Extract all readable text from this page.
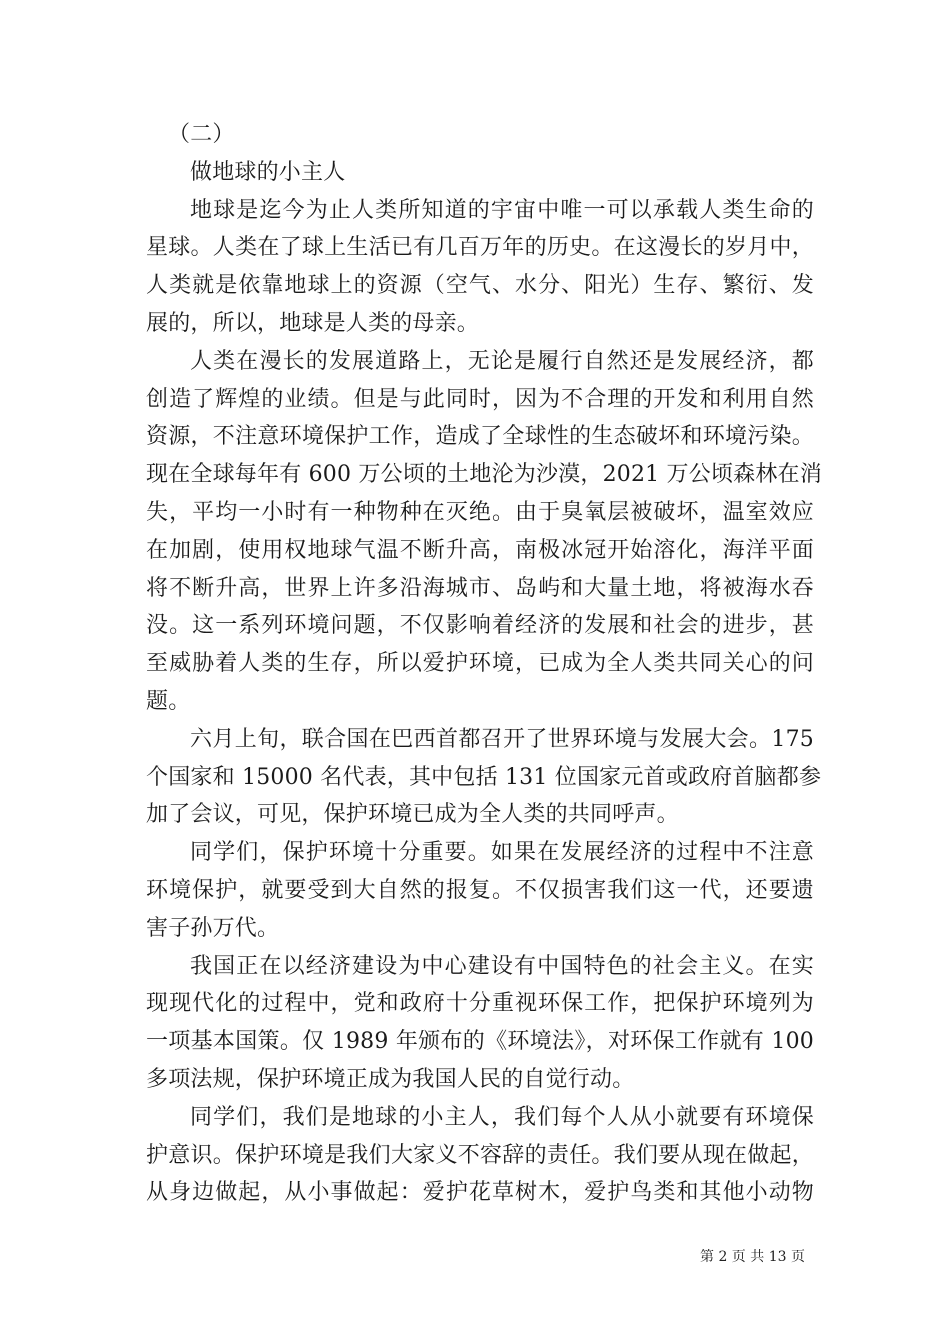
（二）
做地球的小主人
地球是迄今为止人类所知道的宇宙中唯一可以承载人类生命的
星球。人类在了球上生活已有几百万年的历史。在这漫长的岁月中，
人类就是依靠地球上的资源（空气、水分、阳光）生存、繁衍、发
展的，所以，地球是人类的母亲。
人类在漫长的发展道路上，无论是履行自然还是发展经济，都
创造了辉煌的业绩。但是与此同时，因为不合理的开发和利用自然
资源，不注意环境保护工作，造成了全球性的生态破坏和环境污染。
现在全球每年有 600 万公顷的土地沦为沙漠，2021 万公顷森林在消
失，平均一小时有一种物种在灭绝。由于臭氧层被破坏，温室效应
在加剧，使用权地球气温不断升高，南极冰冠开始溶化，海洋平面
将不断升高，世界上许多沿海城市、岛屿和大量土地，将被海水吞
没。这一系列环境问题，不仅影响着经济的发展和社会的进步，甚
至威胁着人类的生存，所以爱护环境，已成为全人类共同关心的问
题。
六月上旬，联合国在巴西首都召开了世界环境与发展大会。175
个国家和 15000 名代表，其中包括 131 位国家元首或政府首脑都参
加了会议，可见，保护环境已成为全人类的共同呼声。
同学们，保护环境十分重要。如果在发展经济的过程中不注意
环境保护，就要受到大自然的报复。不仅损害我们这一代，还要遗
害子孙万代。
我国正在以经济建设为中心建设有中国特色的社会主义。在实
现现代化的过程中，党和政府十分重视环保工作，把保护环境列为
一项基本国策。仅 1989 年颁布的《环境法》，对环保工作就有 100
多项法规，保护环境正成为我国人民的自觉行动。
同学们，我们是地球的小主人，我们每个人从小就要有环境保
护意识。保护环境是我们大家义不容辞的责任。我们要从现在做起，
从身边做起，从小事做起：爱护花草树木，爱护鸟类和其他小动物
第 2 页 共 13 页
